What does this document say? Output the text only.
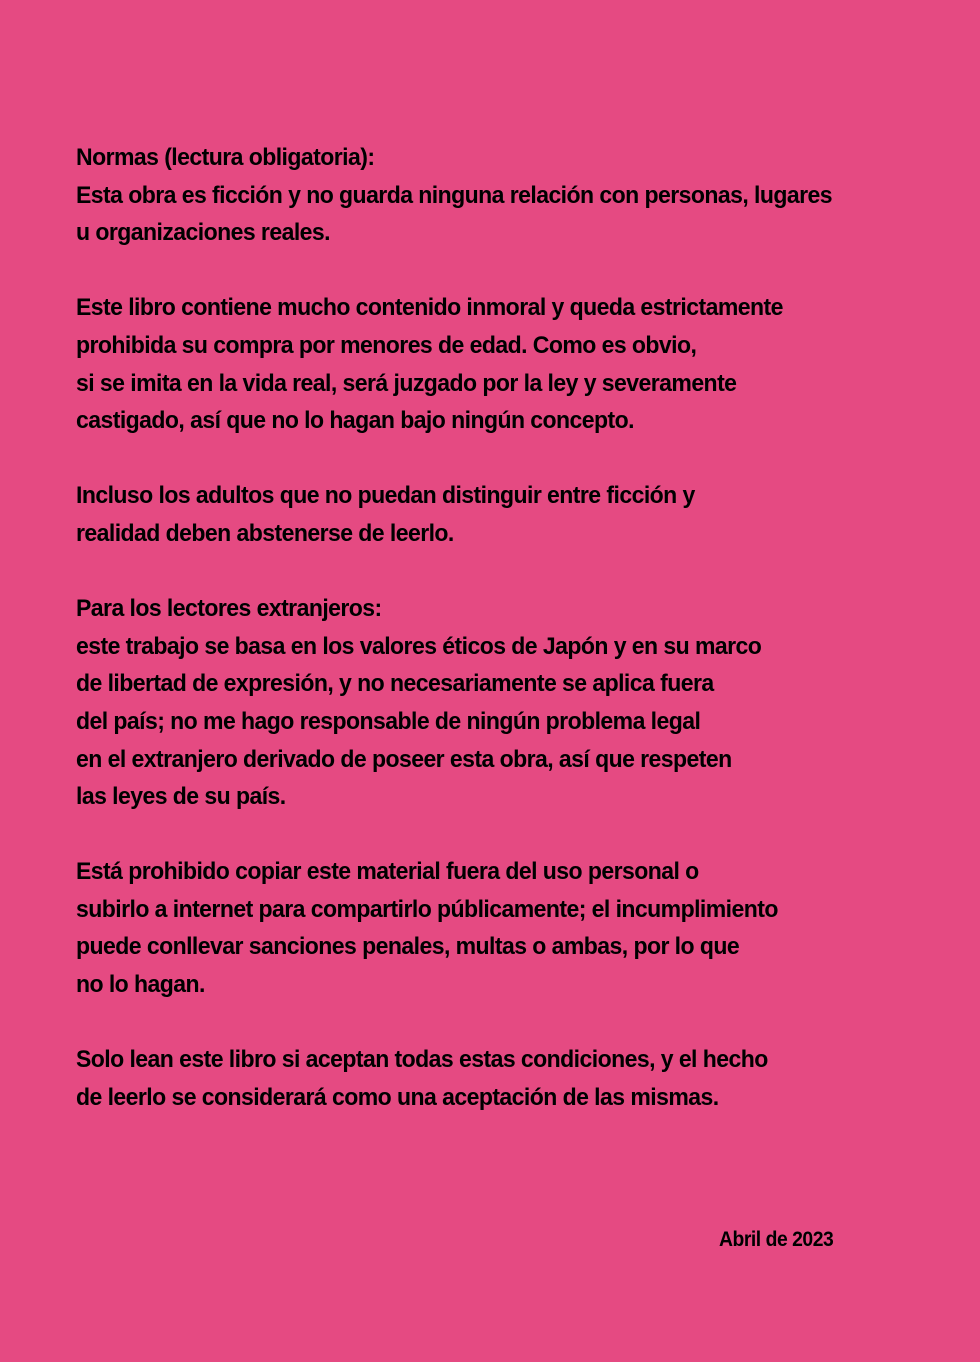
Normas (lectura obligatoria):
Esta obra es ficción y no guarda ninguna relación con personas, lugares
u organizaciones reales.
Este libro contiene mucho contenido inmoral y queda estrictamente
prohibida su compra por menores de edad. Como es obvio,
si se imita en la vida real, será juzgado por la ley y severamente
castigado, así que no lo hagan bajo ningún concepto.
Incluso los adultos que no puedan distinguir entre ficción y
realidad deben abstenerse de leerlo.
Para los lectores extranjeros:
este trabajo se basa en los valores éticos de Japón y en su marco
de libertad de expresión, y no necesariamente se aplica fuera
del país; no me hago responsable de ningún problema legal
en el extranjero derivado de poseer esta obra, así que respeten
las leyes de su país.
Está prohibido copiar este material fuera del uso personal o
subirlo a internet para compartirlo públicamente; el incumplimiento
puede conllevar sanciones penales, multas o ambas, por lo que
no lo hagan.
Solo lean este libro si aceptan todas estas condiciones, y el hecho
de leerlo se considerará como una aceptación de las mismas.
Abril de 2023
